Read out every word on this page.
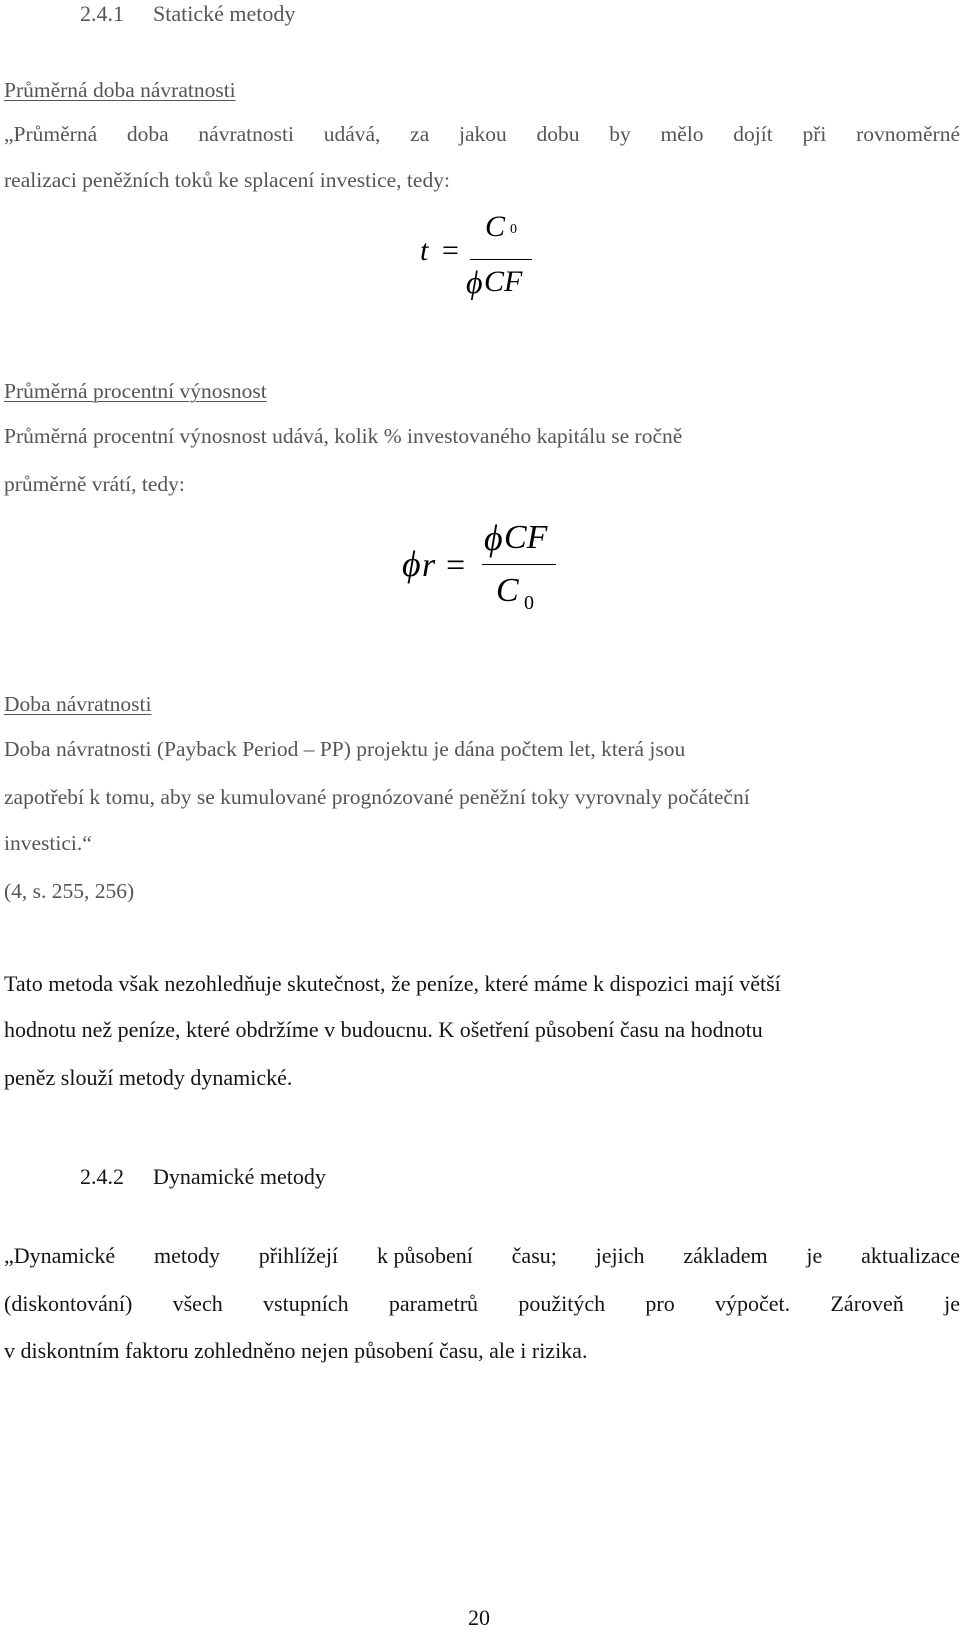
2.4.1 Statické metody
Průměrná doba návratnosti
„Průměrná doba návratnosti udává, za jakou dobu by mělo dojít při rovnoměrné
realizaci peněžních toků ke splacení investice, tedy:
t =
C 0
ϕ CF
Průměrná procentní výnosnost
Průměrná procentní výnosnost udává, kolik % investovaného kapitálu se ročně
průměrně vrátí, tedy:
ϕ r =
ϕ CF
C 0
Doba návratnosti
Doba návratnosti (Payback Period – PP) projektu je dána počtem let, která jsou
zapotřebí k tomu, aby se kumulované prognózované peněžní toky vyrovnaly počáteční
investici.“
(4, s. 255, 256)
Tato metoda však nezohledňuje skutečnost, že peníze, které máme k dispozici mají větší
hodnotu než peníze, které obdržíme v budoucnu. K ošetření působení času na hodnotu
peněz slouží metody dynamické.
2.4.2 Dynamické metody
„Dynamické metody přihlížejí k působení času; jejich základem je aktualizace
(diskontování) všech vstupních parametrů použitých pro výpočet. Zároveň je
v diskontním faktoru zohledněno nejen působení času, ale i rizika.
20
